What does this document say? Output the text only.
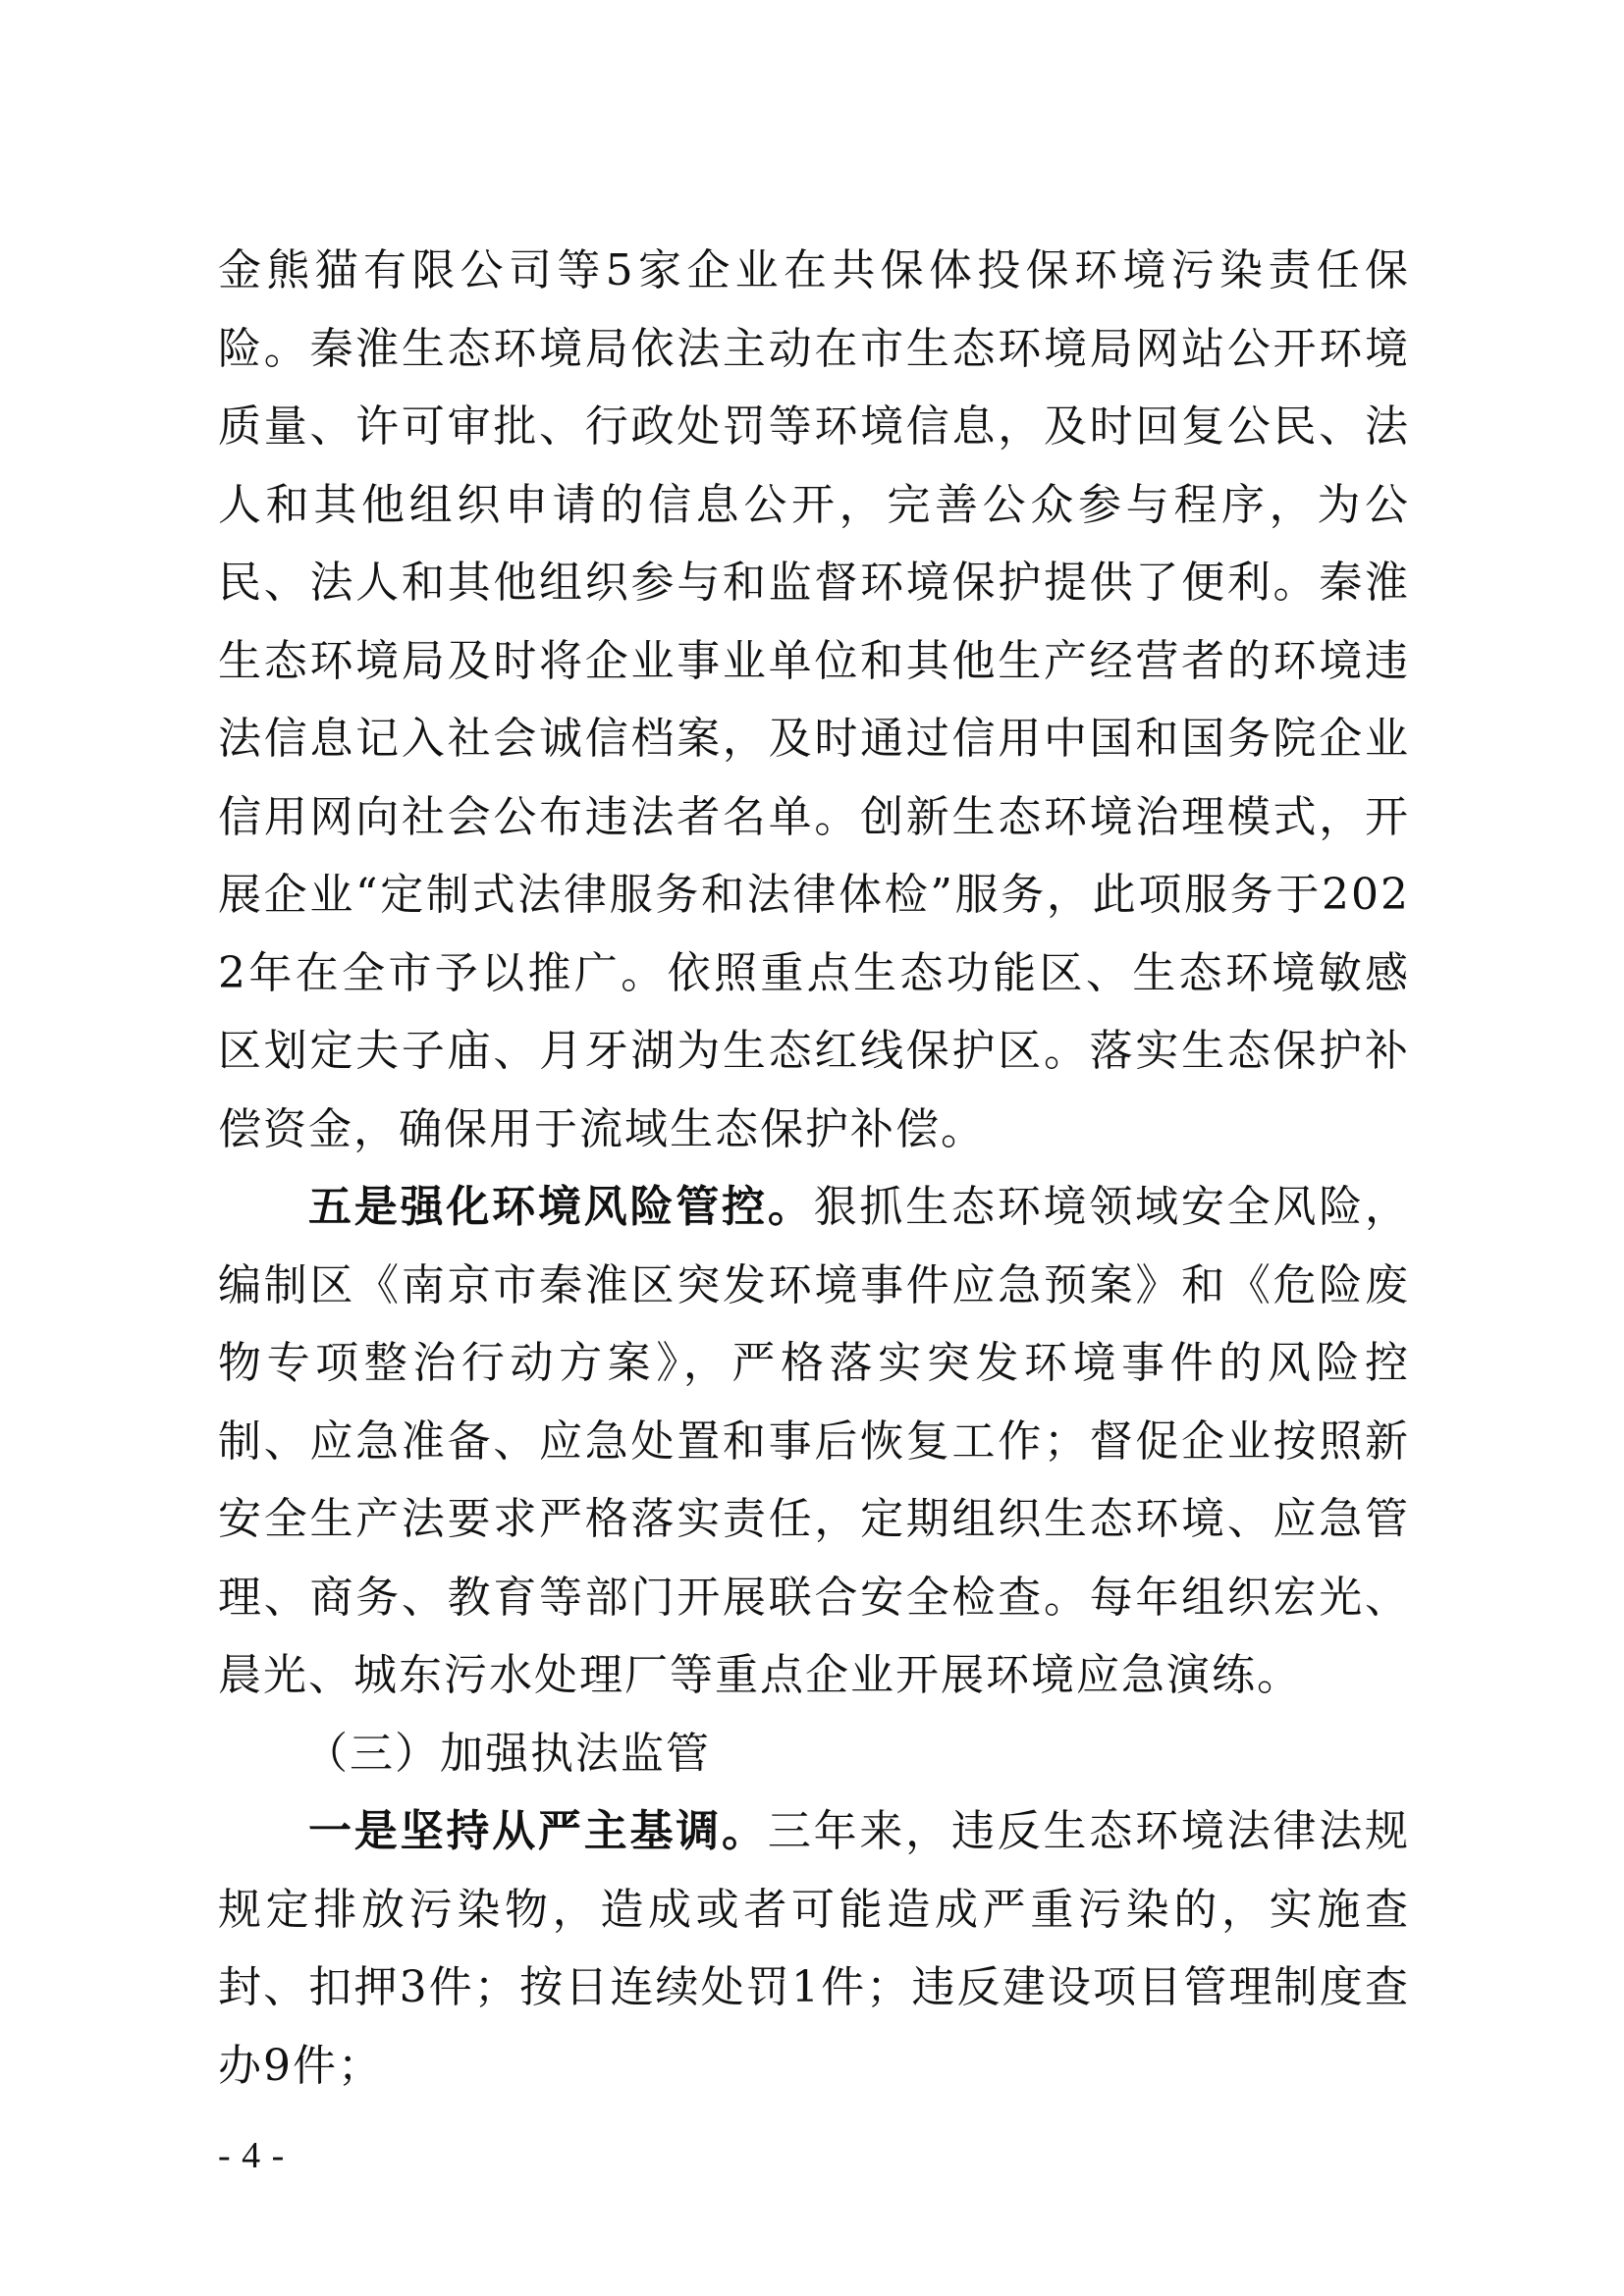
金熊猫有限公司等5家企业在共保体投保环境污染责任保险。秦淮生态环境局依法主动在市生态环境局网站公开环境质量、许可审批、行政处罚等环境信息，及时回复公民、法人和其他组织申请的信息公开，完善公众参与程序，为公民、法人和其他组织参与和监督环境保护提供了便利。秦淮生态环境局及时将企业事业单位和其他生产经营者的环境违法信息记入社会诚信档案，及时通过信用中国和国务院企业信用网向社会公布违法者名单。创新生态环境治理模式，开展企业“定制式法律服务和法律体检”服务，此项服务于2022年在全市予以推广。依照重点生态功能区、生态环境敏感区划定夫子庙、月牙湖为生态红线保护区。落实生态保护补偿资金，确保用于流域生态保护补偿。

五是强化环境风险管控。狠抓生态环境领域安全风险，编制区《南京市秦淮区突发环境事件应急预案》和《危险废物专项整治行动方案》，严格落实突发环境事件的风险控制、应急准备、应急处置和事后恢复工作；督促企业按照新安全生产法要求严格落实责任，定期组织生态环境、应急管理、商务、教育等部门开展联合安全检查。每年组织宏光、晨光、城东污水处理厂等重点企业开展环境应急演练。

（三）加强执法监管

一是坚持从严主基调。三年来，违反生态环境法律法规规定排放污染物，造成或者可能造成严重污染的，实施查封、扣押3件；按日连续处罚1件；违反建设项目管理制度查办9件；

- 4 -
